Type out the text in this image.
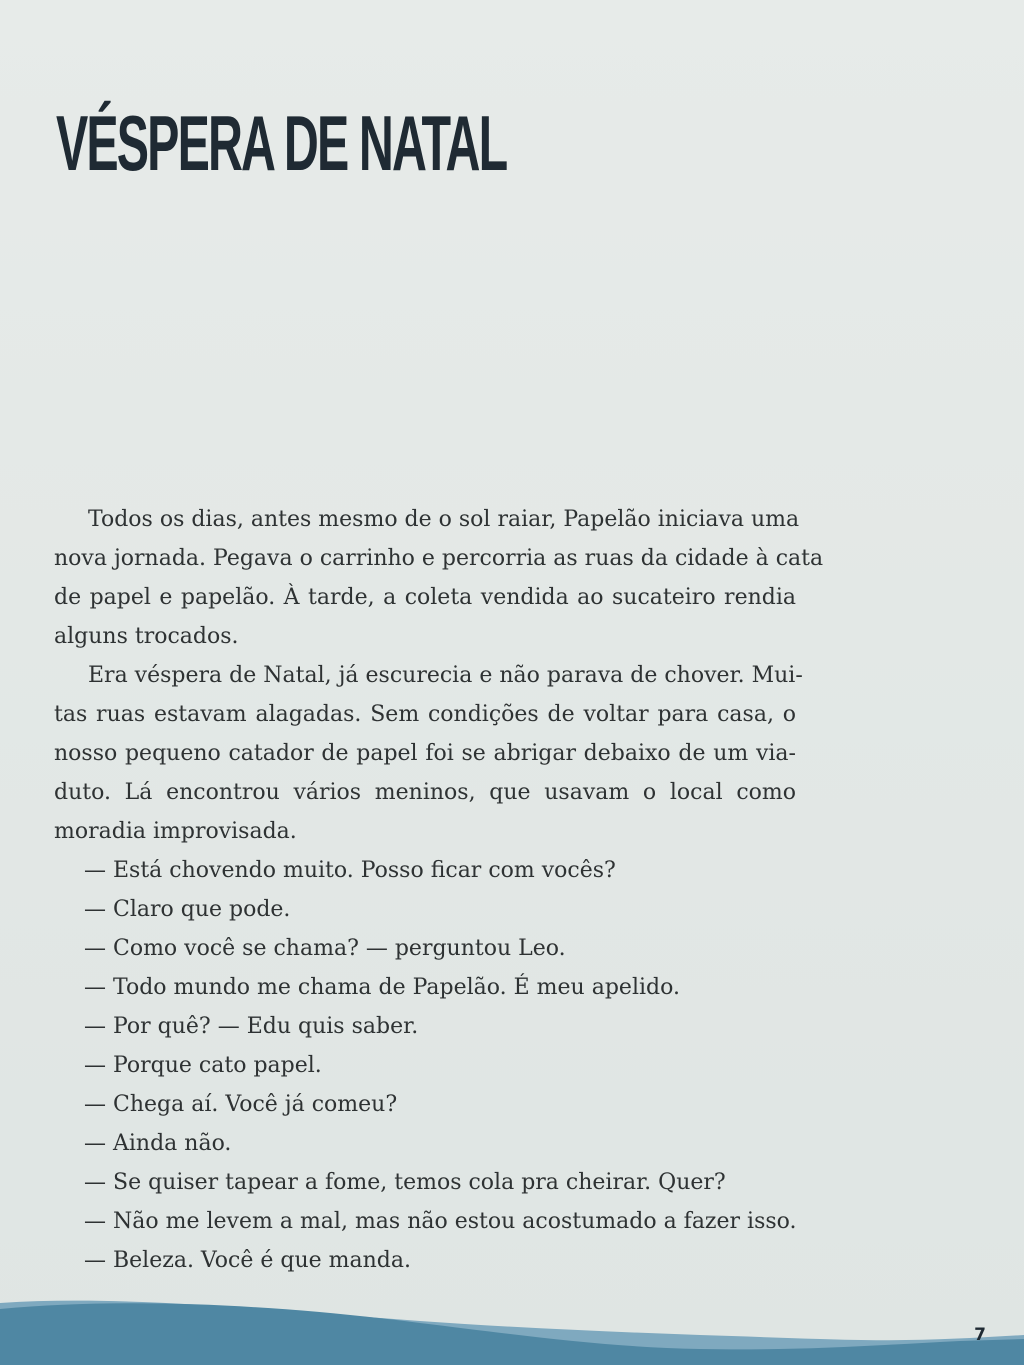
VÉSPERA DE NATAL

Todos os dias, antes mesmo de o sol raiar, Papelão iniciava uma
nova jornada. Pegava o carrinho e percorria as ruas da cidade à cata
de papel e papelão. À tarde, a coleta vendida ao sucateiro rendia
alguns trocados.

Era véspera de Natal, já escurecia e não parava de chover. Mui-
tas ruas estavam alagadas. Sem condições de voltar para casa, o
nosso pequeno catador de papel foi se abrigar debaixo de um via-
duto. Lá encontrou vários meninos, que usavam o local como
moradia improvisada.

— Está chovendo muito. Posso ficar com vocês?
— Claro que pode.
— Como você se chama? — perguntou Leo.
— Todo mundo me chama de Papelão. É meu apelido.
— Por quê? — Edu quis saber.
— Porque cato papel.
— Chega aí. Você já comeu?
— Ainda não.
— Se quiser tapear a fome, temos cola pra cheirar. Quer?
— Não me levem a mal, mas não estou acostumado a fazer isso.
— Beleza. Você é que manda.

7
